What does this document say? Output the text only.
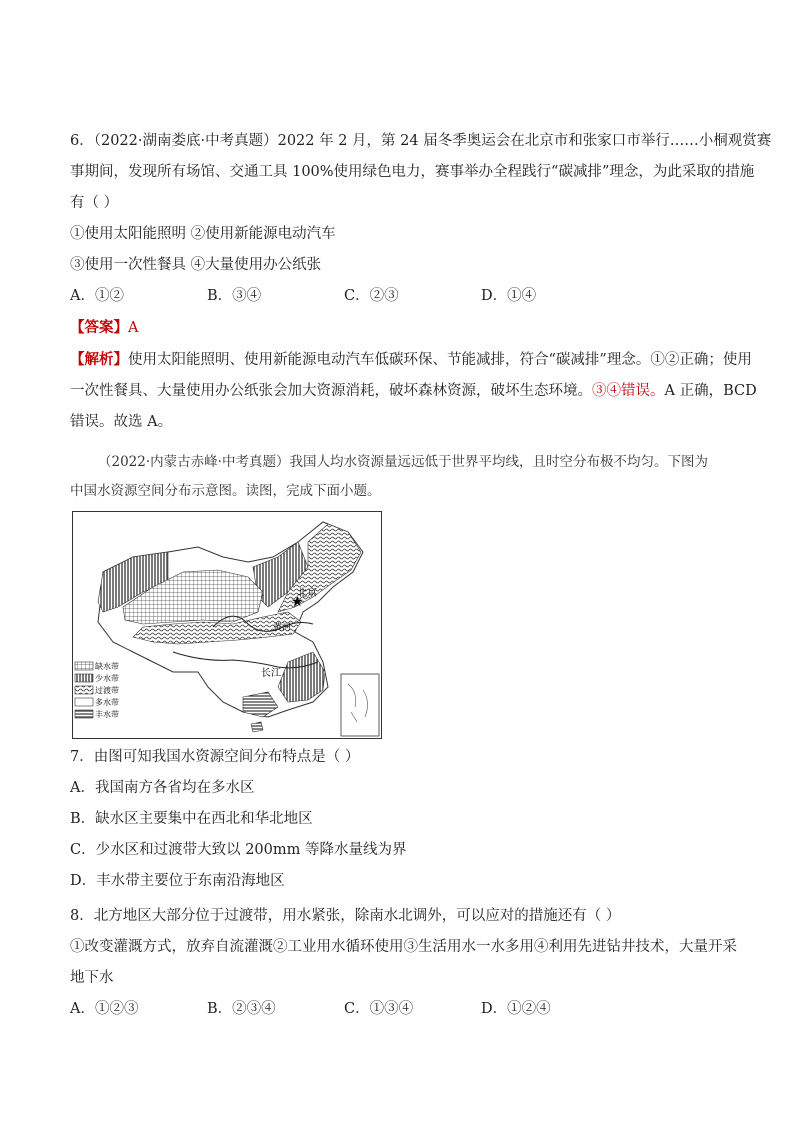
6．（2022·湖南娄底·中考真题）2022 年 2 月，第 24 届冬季奥运会在北京市和张家口市举行……小桐观赏赛
事期间，发现所有场馆、交通工具 100%使用绿色电力，赛事举办全程践行“碳减排”理念，为此采取的措施
有（ ）
①使用太阳能照明 ②使用新能源电动汽车
③使用一次性餐具 ④大量使用办公纸张
A．①②	B．③④	C．②③	D．①④
【答案】A
【解析】使用太阳能照明、使用新能源电动汽车低碳环保、节能减排，符合“碳减排”理念。①②正确；使用
一次性餐具、大量使用办公纸张会加大资源消耗，破坏森林资源，破坏生态环境。③④错误。A 正确，BCD
错误。故选 A。
（2022·内蒙古赤峰·中考真题）我国人均水资源量远远低于世界平均线，且时空分布极不均匀。下图为
中国水资源空间分布示意图。读图，完成下面小题。
★
北京
黄河
长江
缺水带
少水带
过渡带
多水带
丰水带
7．由图可知我国水资源空间分布特点是（ ）
A．我国南方各省均在多水区
B．缺水区主要集中在西北和华北地区
C．少水区和过渡带大致以 200mm 等降水量线为界
D．丰水带主要位于东南沿海地区
8．北方地区大部分位于过渡带，用水紧张，除南水北调外，可以应对的措施还有（ ）
①改变灌溉方式，放弃自流灌溉②工业用水循环使用③生活用水一水多用④利用先进钻井技术，大量开采
地下水
A．①②③	B．②③④	C．①③④	D．①②④
